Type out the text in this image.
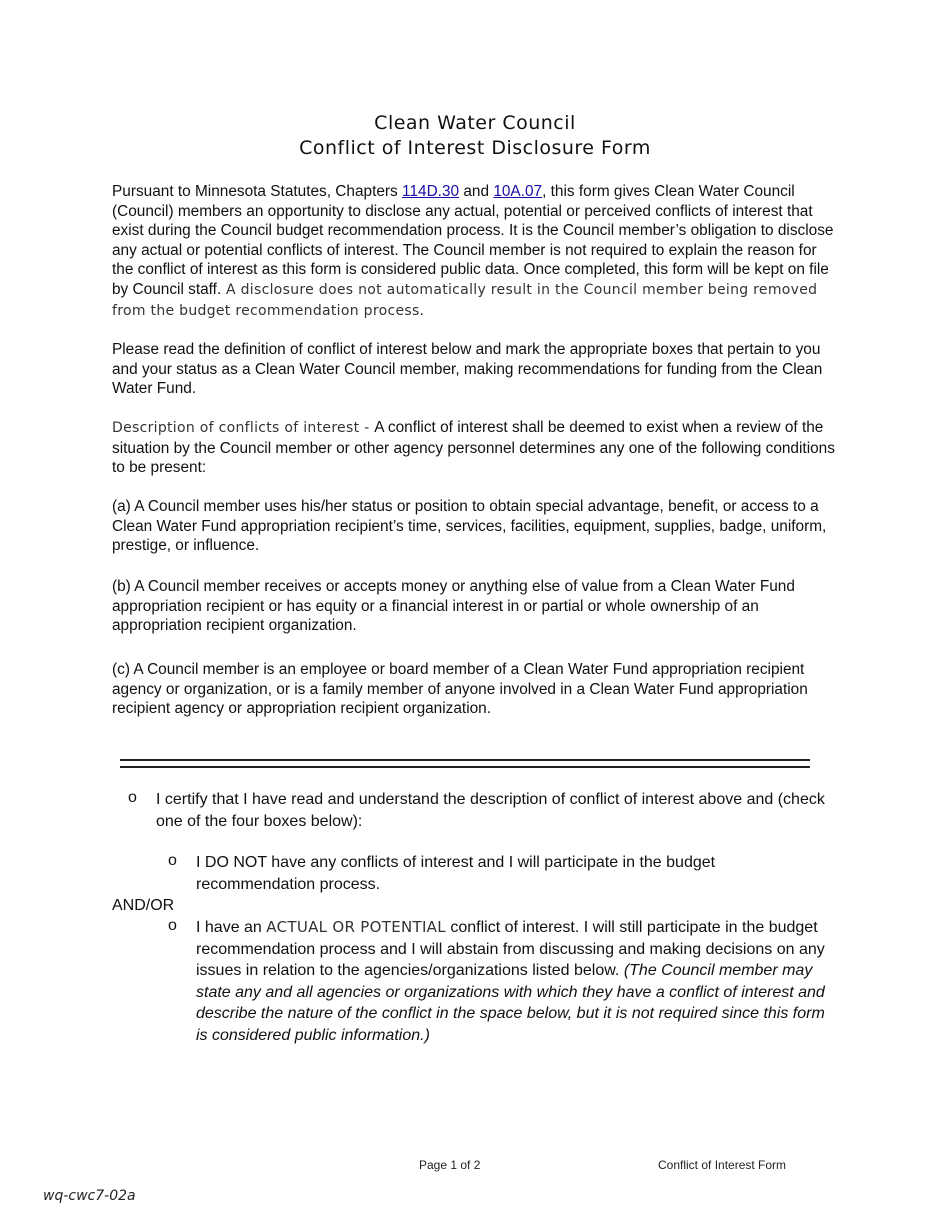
Clean Water Council
Conflict of Interest Disclosure Form
Pursuant to Minnesota Statutes, Chapters 114D.30 and 10A.07, this form gives Clean Water Council (Council) members an opportunity to disclose any actual, potential or perceived conflicts of interest that exist during the Council budget recommendation process. It is the Council member’s obligation to disclose any actual or potential conflicts of interest. The Council member is not required to explain the reason for the conflict of interest as this form is considered public data. Once completed, this form will be kept on file by Council staff. A disclosure does not automatically result in the Council member being removed from the budget recommendation process.
Please read the definition of conflict of interest below and mark the appropriate boxes that pertain to you and your status as a Clean Water Council member, making recommendations for funding from the Clean Water Fund.
Description of conflicts of interest - A conflict of interest shall be deemed to exist when a review of the situation by the Council member or other agency personnel determines any one of the following conditions to be present:
(a) A Council member uses his/her status or position to obtain special advantage, benefit, or access to a Clean Water Fund appropriation recipient’s time, services, facilities, equipment, supplies, badge, uniform, prestige, or influence.
(b) A Council member receives or accepts money or anything else of value from a Clean Water Fund appropriation recipient or has equity or a financial interest in or partial or whole ownership of an appropriation recipient organization.
(c) A Council member is an employee or board member of a Clean Water Fund appropriation recipient agency or organization, or is a family member of anyone involved in a Clean Water Fund appropriation recipient agency or appropriation recipient organization.
o I certify that I have read and understand the description of conflict of interest above and (check one of the four boxes below):
o I DO NOT have any conflicts of interest and I will participate in the budget recommendation process.
AND/OR
o I have an ACTUAL OR POTENTIAL conflict of interest. I will still participate in the budget recommendation process and I will abstain from discussing and making decisions on any issues in relation to the agencies/organizations listed below. (The Council member may state any and all agencies or organizations with which they have a conflict of interest and describe the nature of the conflict in the space below, but it is not required since this form is considered public information.)
Page 1 of 2	Conflict of Interest Form
wq-cwc7-02a
